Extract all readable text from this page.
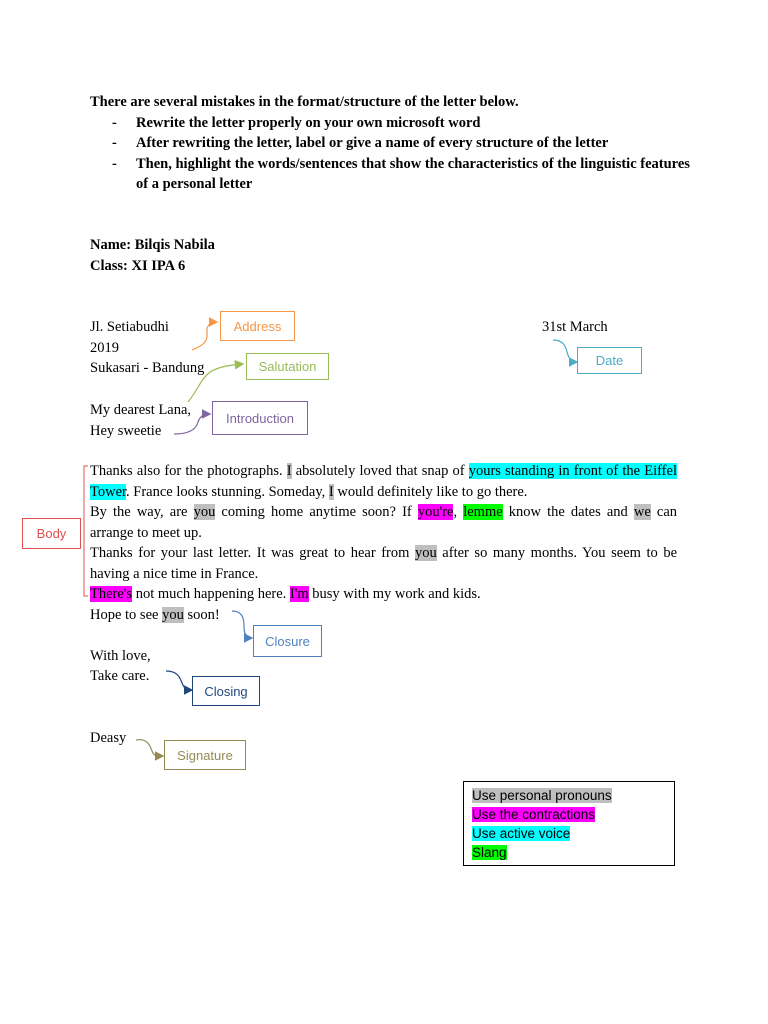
There are several mistakes in the format/structure of the letter below.
- Rewrite the letter properly on your own microsoft word
- After rewriting the letter, label or give a name of every structure of the letter
- Then, highlight the words/sentences that show the characteristics of the linguistic features of a personal letter
Name: Bilqis Nabila
Class: XI IPA 6
Jl. Setiabudhi
2019
Sukasari - Bandung
31st March
My dearest Lana,
Hey sweetie
Thanks also for the photographs. I absolutely loved that snap of yours standing in front of the Eiffel Tower. France looks stunning. Someday, I would definitely like to go there.
By the way, are you coming home anytime soon? If you're, lemme know the dates and we can arrange to meet up.
Thanks for your last letter. It was great to hear from you after so many months. You seem to be having a nice time in France.
There's not much happening here. I'm busy with my work and kids.
Hope to see you soon!
With love,
Take care.
Deasy
Address
Salutation	Date
Introduction
Body
Closure
Closing
Signature
Use personal pronouns
Use the contractions
Use active voice
Slang
